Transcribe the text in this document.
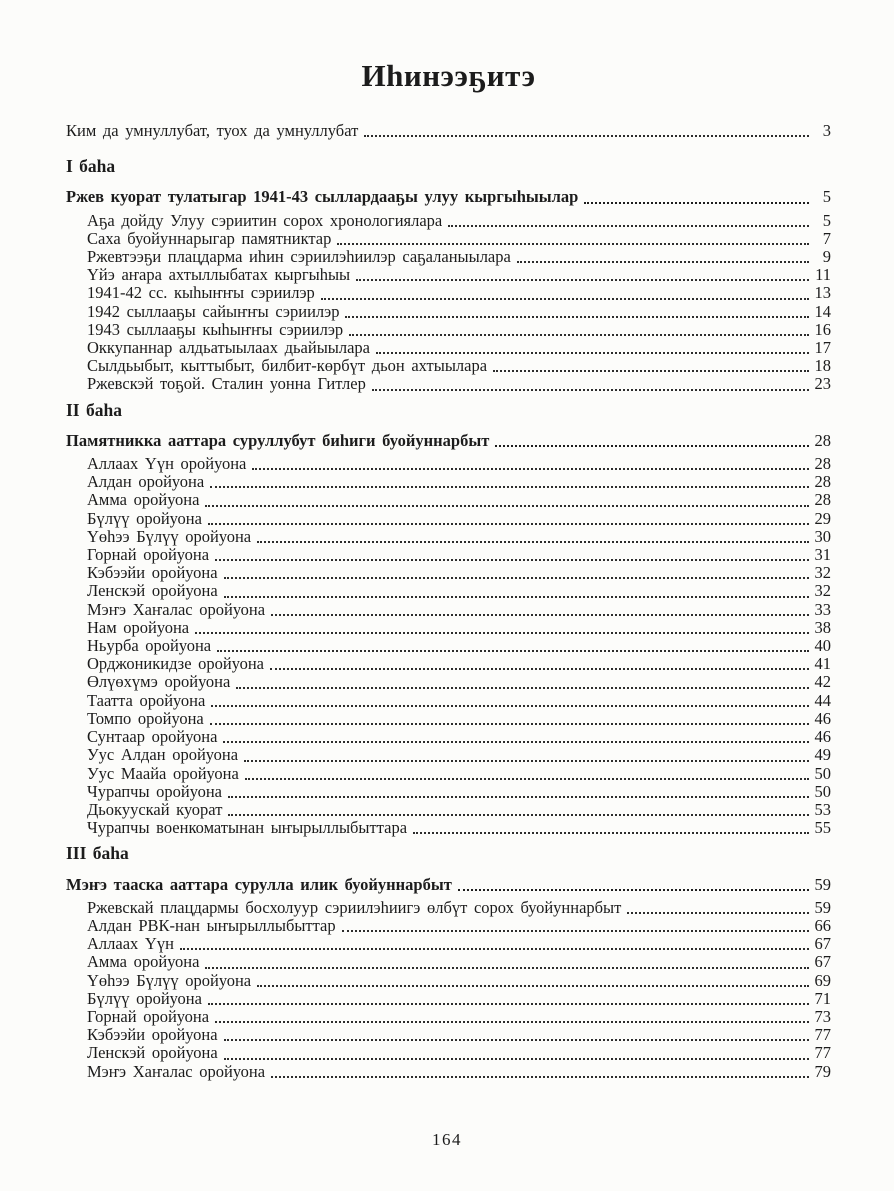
Иһинээҕитэ
Ким да умнуллубат, туох да умнуллубат	3
I баһа
Ржев куорат тулатыгар 1941-43 сыллардааҕы улуу кыргыһыылар	5
Аҕа дойду Улуу сэриитин сорох хронологиялара	5
Саха буойуннарыгар памятниктар	7
Ржевтээҕи плацдарма иһин сэриилэһиилэр саҕаланыылара	9
Үйэ аҥара ахтыллыбатах кыргыһыы	11
1941-42 сс. кыһыҥҥы сэриилэр	13
1942 сыллааҕы сайыҥҥы сэриилэр	14
1943 сыллааҕы кыһыҥҥы сэриилэр	16
Оккупаннар алдьатыылаах дьайыылара	17
Сылдьыбыт, кыттыбыт, билбит-көрбүт дьон ахтыылара	18
Ржевскэй тоҕой. Сталин уонна Гитлер	23
II баһа
Памятникка ааттара суруллубут биһиги буойуннарбыт	28
Аллаах Үүн оройуона	28
Алдан оройуона	28
Амма оройуона	28
Бүлүү оройуона	29
Үөһээ Бүлүү оройуона	30
Горнай оройуона	31
Кэбээйи оройуона	32
Ленскэй оройуона	32
Мэҥэ Хаҥалас оройуона	33
Нам оройуона	38
Ньурба оройуона	40
Орджоникидзе оройуона	41
Өлүөхүмэ оройуона	42
Таатта оройуона	44
Томпо оройуона	46
Сунтаар оройуона	46
Уус Алдан оройуона	49
Уус Маайа оройуона	50
Чурапчы оройуона	50
Дьокуускай куорат	53
Чурапчы военкоматынан ыҥырыллыбыттара	55
III баһа
Мэҥэ тааска ааттара сурулла илик буойуннарбыт	59
Ржевскай плацдармы босхолуур сэриилэһиигэ өлбүт сорох буойуннарбыт	59
Алдан РВК-нан ыҥырыллыбыттар	66
Аллаах Үүн	67
Амма оройуона	67
Үөһээ Бүлүү оройуона	69
Бүлүү оройуона	71
Горнай оройуона	73
Кэбээйи оройуона	77
Ленскэй оройуона	77
Мэҥэ Хаҥалас оройуона	79
164
